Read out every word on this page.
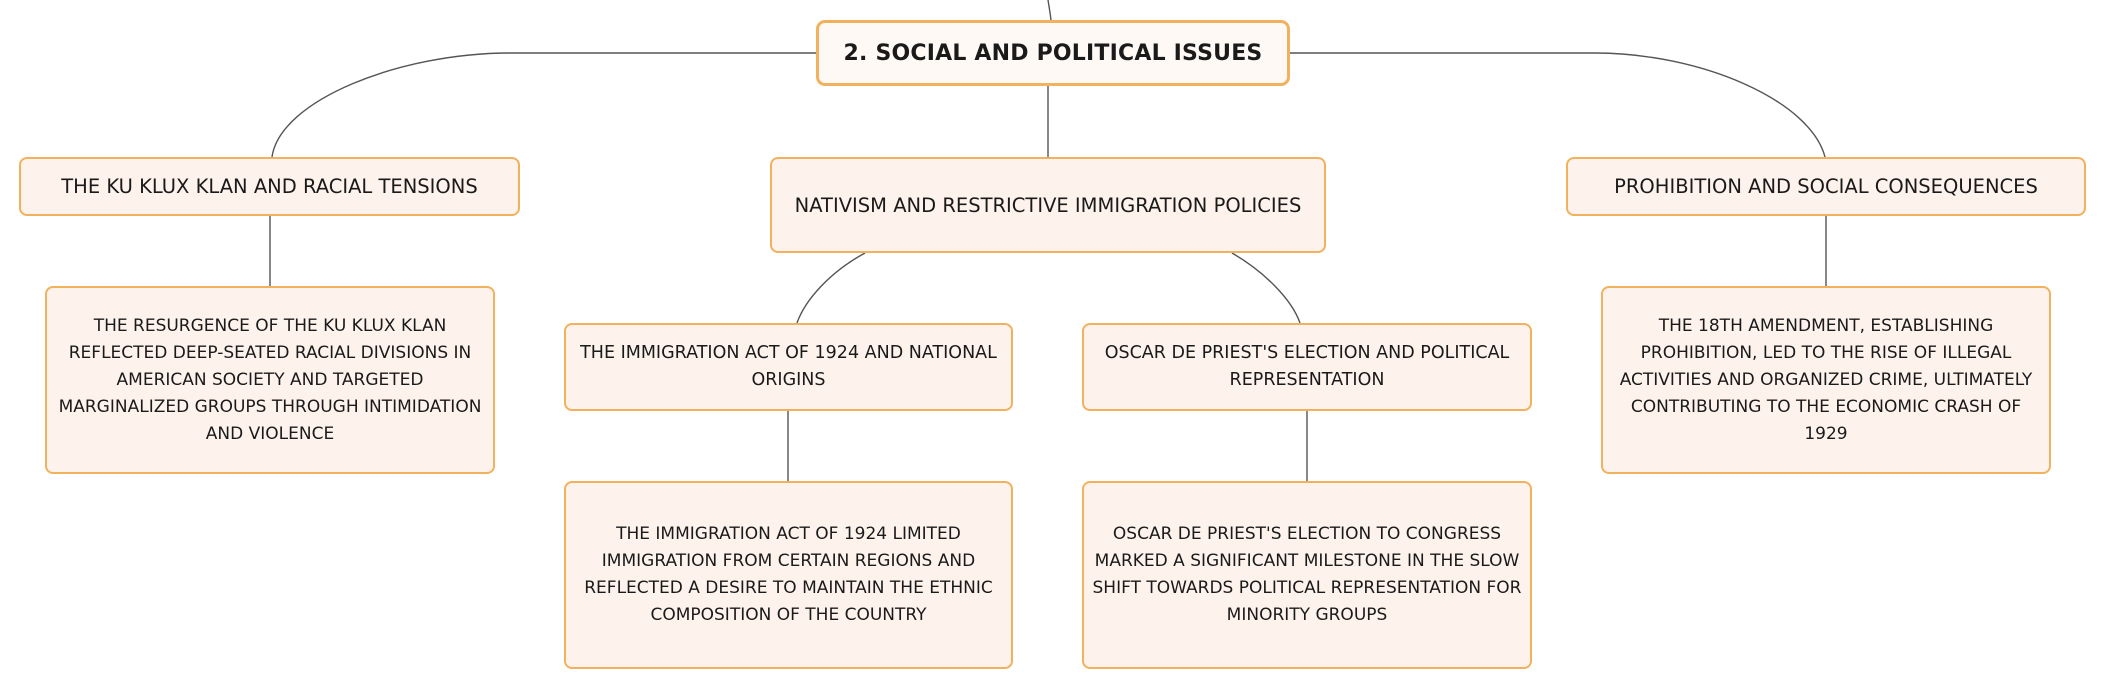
2. SOCIAL AND POLITICAL ISSUES
THE KU KLUX KLAN AND RACIAL TENSIONS
NATIVISM AND RESTRICTIVE IMMIGRATION POLICIES
PROHIBITION AND SOCIAL CONSEQUENCES
THE RESURGENCE OF THE KU KLUX KLAN REFLECTED DEEP-SEATED RACIAL DIVISIONS IN AMERICAN SOCIETY AND TARGETED MARGINALIZED GROUPS THROUGH INTIMIDATION AND VIOLENCE
THE IMMIGRATION ACT OF 1924 AND NATIONAL ORIGINS
OSCAR DE PRIEST'S ELECTION AND POLITICAL REPRESENTATION
THE 18TH AMENDMENT, ESTABLISHING PROHIBITION, LED TO THE RISE OF ILLEGAL ACTIVITIES AND ORGANIZED CRIME, ULTIMATELY CONTRIBUTING TO THE ECONOMIC CRASH OF 1929
THE IMMIGRATION ACT OF 1924 LIMITED IMMIGRATION FROM CERTAIN REGIONS AND REFLECTED A DESIRE TO MAINTAIN THE ETHNIC COMPOSITION OF THE COUNTRY
OSCAR DE PRIEST'S ELECTION TO CONGRESS MARKED A SIGNIFICANT MILESTONE IN THE SLOW SHIFT TOWARDS POLITICAL REPRESENTATION FOR MINORITY GROUPS
